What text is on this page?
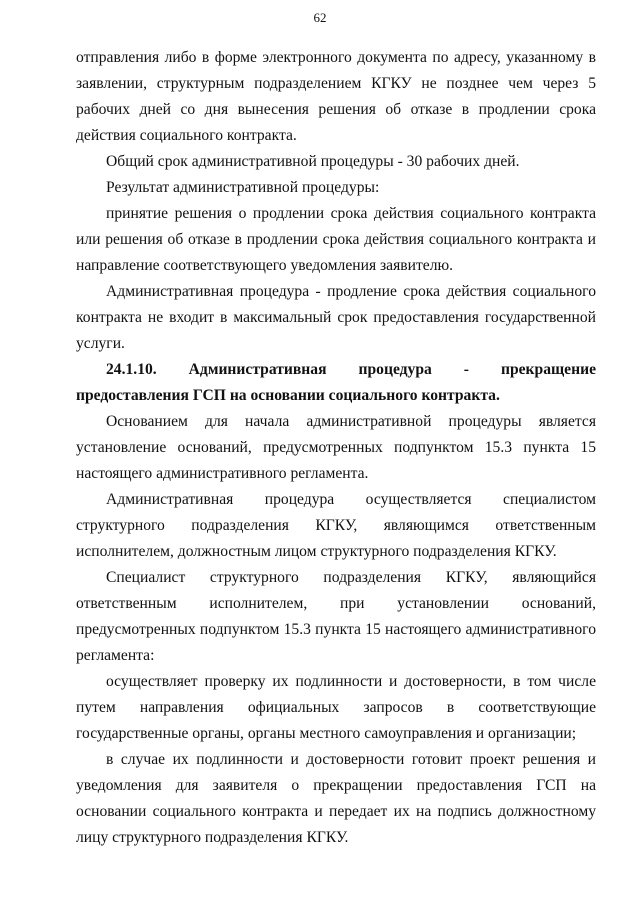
62

отправления либо в форме электронного документа по адресу, указанному в заявлении, структурным подразделением КГКУ не позднее чем через 5 рабочих дней со дня вынесения решения об отказе в продлении срока действия социального контракта.

Общий срок административной процедуры - 30 рабочих дней.

Результат административной процедуры:

принятие решения о продлении срока действия социального контракта или решения об отказе в продлении срока действия социального контракта и направление соответствующего уведомления заявителю.

Административная процедура - продление срока действия социального контракта не входит в максимальный срок предоставления государственной услуги.

24.1.10. Административная процедура - прекращение предоставления ГСП на основании социального контракта.

Основанием для начала административной процедуры является установление оснований, предусмотренных подпунктом 15.3 пункта 15 настоящего административного регламента.

Административная процедура осуществляется специалистом структурного подразделения КГКУ, являющимся ответственным исполнителем, должностным лицом структурного подразделения КГКУ.

Специалист структурного подразделения КГКУ, являющийся ответственным исполнителем, при установлении оснований, предусмотренных подпунктом 15.3 пункта 15 настоящего административного регламента:

осуществляет проверку их подлинности и достоверности, в том числе путем направления официальных запросов в соответствующие государственные органы, органы местного самоуправления и организации;

в случае их подлинности и достоверности готовит проект решения и уведомления для заявителя о прекращении предоставления ГСП на основании социального контракта и передает их на подпись должностному лицу структурного подразделения КГКУ.
